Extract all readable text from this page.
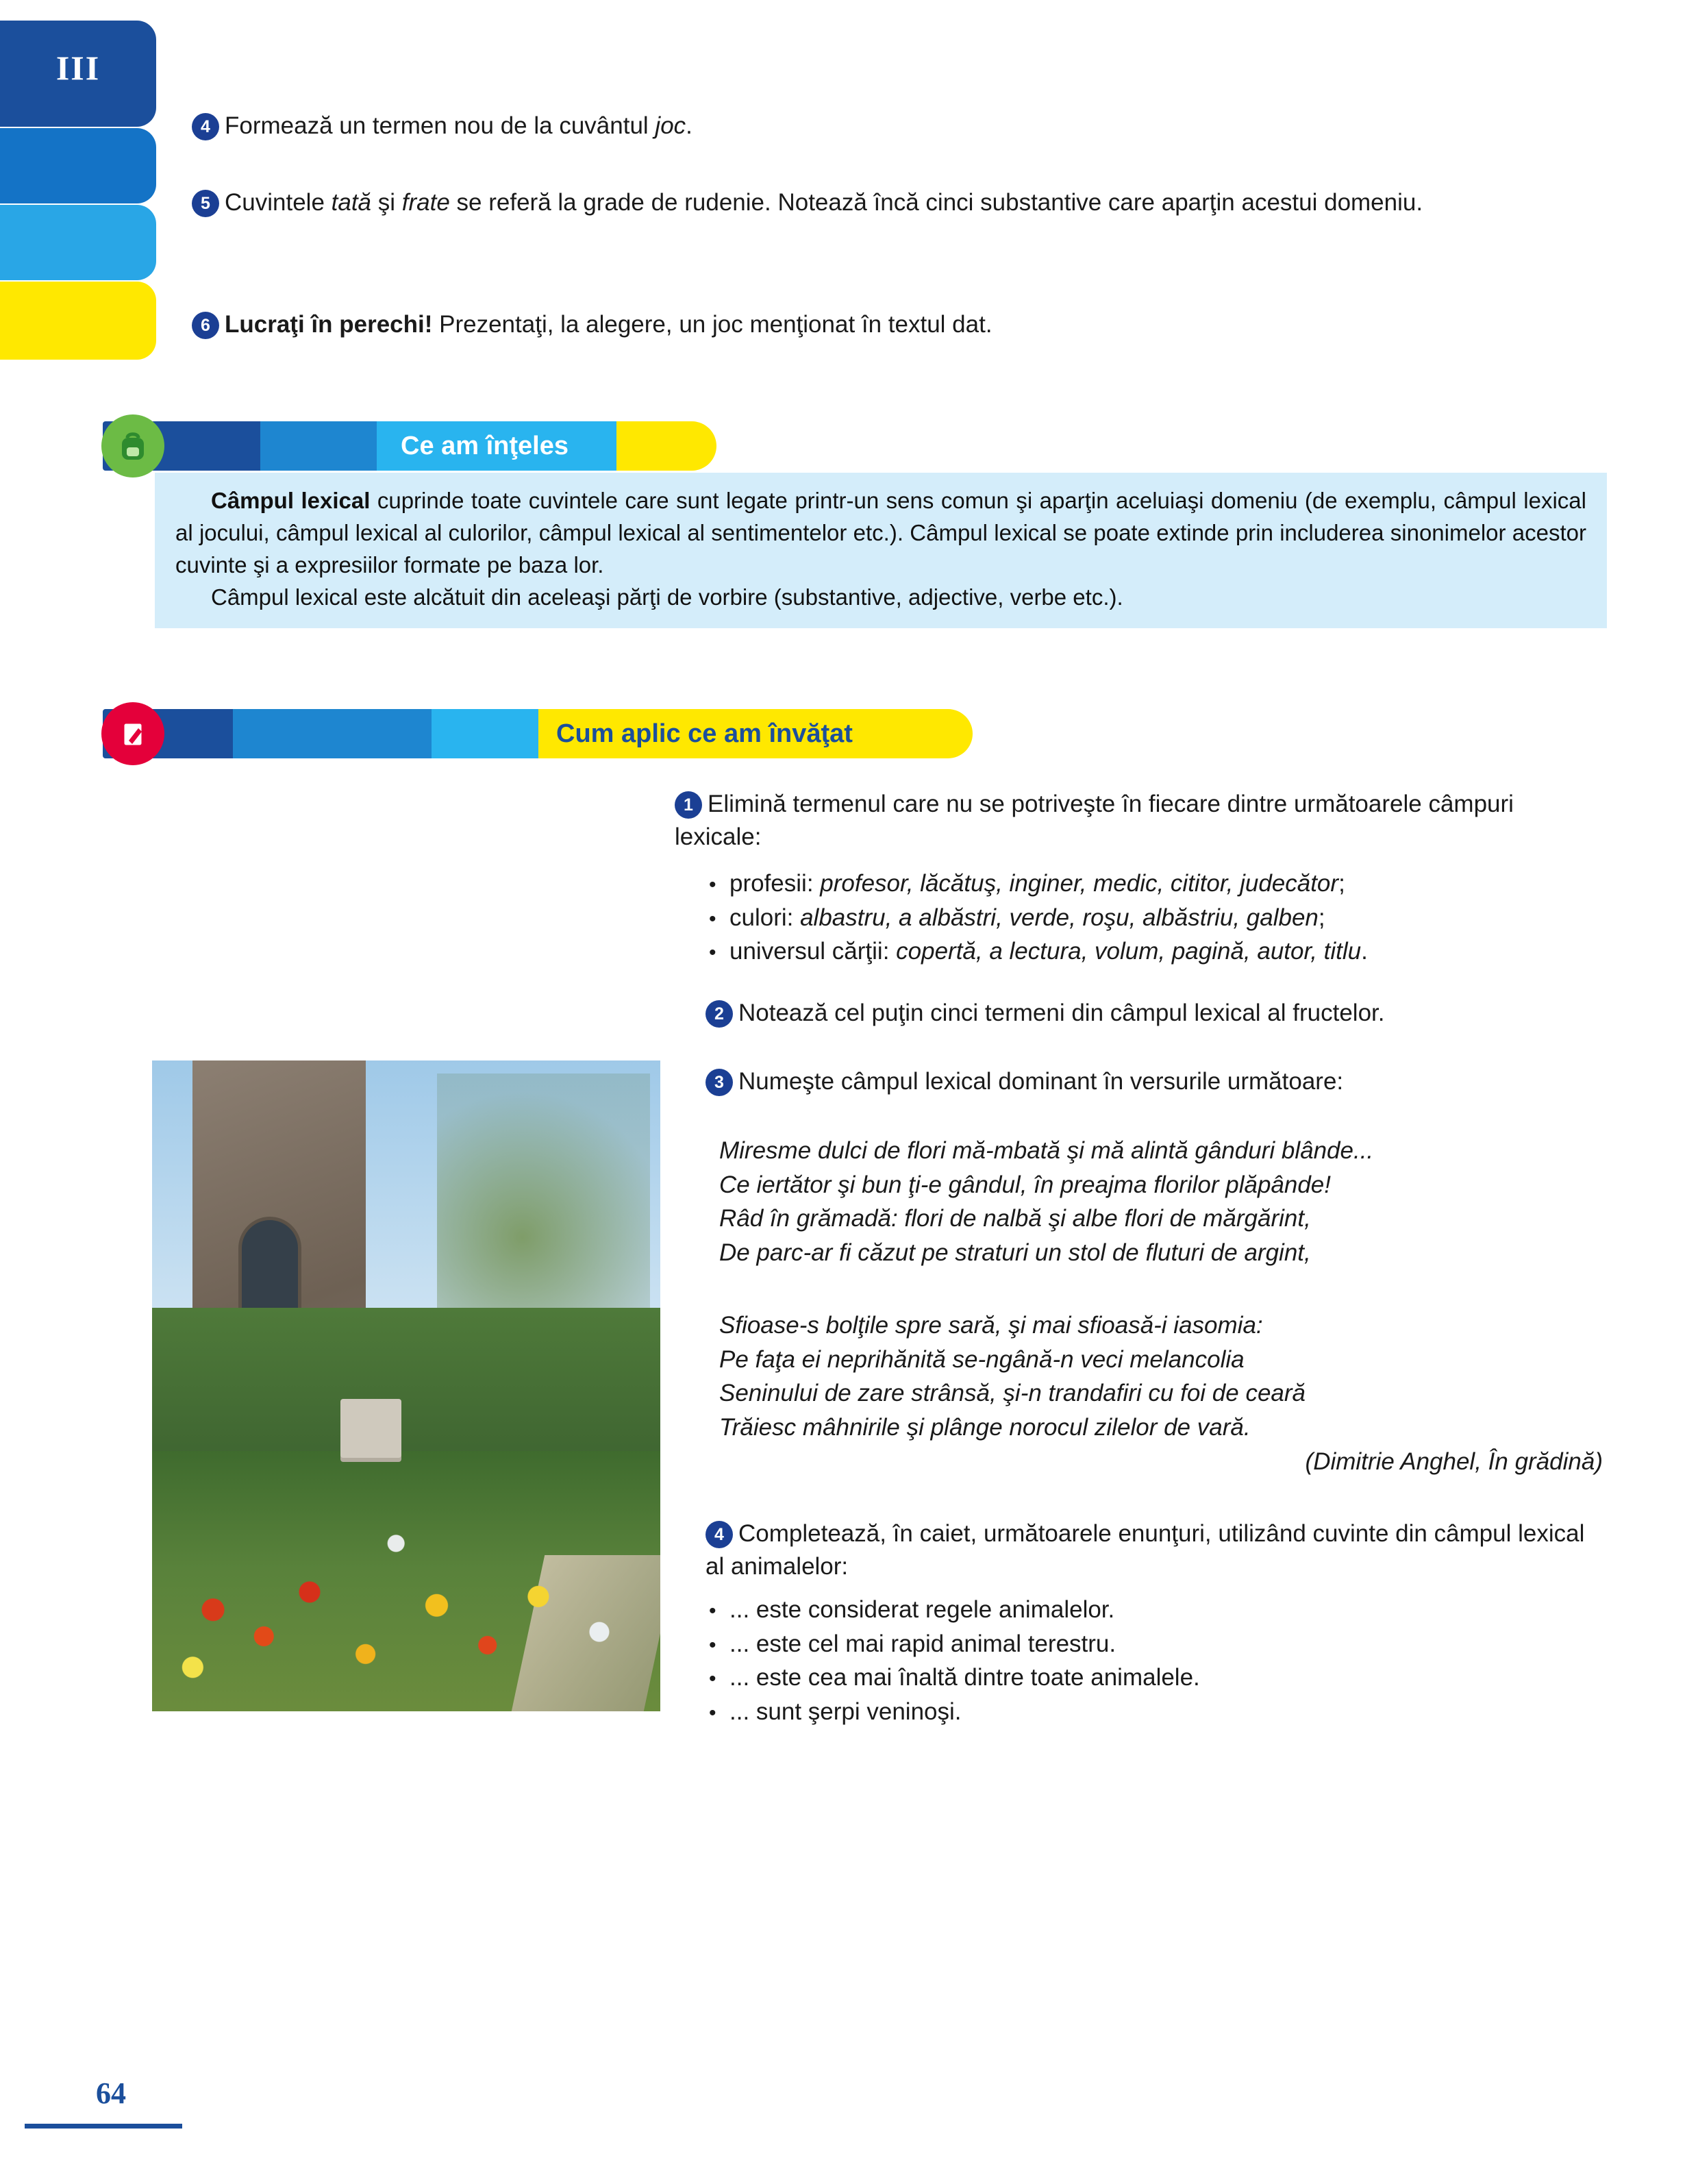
III
4 Formează un termen nou de la cuvântul joc.
5 Cuvintele tată şi frate se referă la grade de rudenie. Notează încă cinci substantive care aparţin acestui domeniu.
6 Lucraţi în perechi! Prezentaţi, la alegere, un joc menţionat în textul dat.
Ce am înţeles

Câmpul lexical cuprinde toate cuvintele care sunt legate printr-un sens comun şi aparţin aceluiaşi domeniu (de exemplu, câmpul lexical al jocului, câmpul lexical al culorilor, câmpul lexical al sentimentelor etc.). Câmpul lexical se poate extinde prin includerea sinonimelor acestor cuvinte şi a expresiilor formate pe baza lor.

Câmpul lexical este alcătuit din aceleaşi părţi de vorbire (substantive, adjective, verbe etc.).

Cum aplic ce am învăţat
1 Elimină termenul care nu se potriveşte în fiecare dintre următoarele câmpuri lexicale:
• profesii: profesor, lăcătuş, inginer, medic, cititor, judecător;
• culori: albastru, a albăstri, verde, roşu, albăstriu, galben;
• universul cărţii: copertă, a lectura, volum, pagină, autor, titlu.
2 Notează cel puţin cinci termeni din câmpul lexical al fructelor.
3 Numeşte câmpul lexical dominant în versurile următoare:
Miresme dulci de flori mă-mbată şi mă alintă gânduri blânde...
Ce iertător şi bun ţi-e gândul, în preajma florilor plăpânde!
Râd în grămadă: flori de nalbă şi albe flori de mărgărint,
De parc-ar fi căzut pe straturi un stol de fluturi de argint,
Sfioase-s bolţile spre sară, şi mai sfioasă-i iasomia:
Pe faţa ei neprihănită se-ngână-n veci melancolia
Seninului de zare strânsă, şi-n trandafiri cu foi de ceară
Trăiesc mâhnirile şi plânge norocul zilelor de vară.
(Dimitrie Anghel, În grădină)
4 Completează, în caiet, următoarele enunţuri, utilizând cuvinte din câmpul lexical al animalelor:
• ... este considerat regele animalelor.
• ... este cel mai rapid animal terestru.
• ... este cea mai înaltă dintre toate animalele.
• ... sunt şerpi veninoşi.
64
